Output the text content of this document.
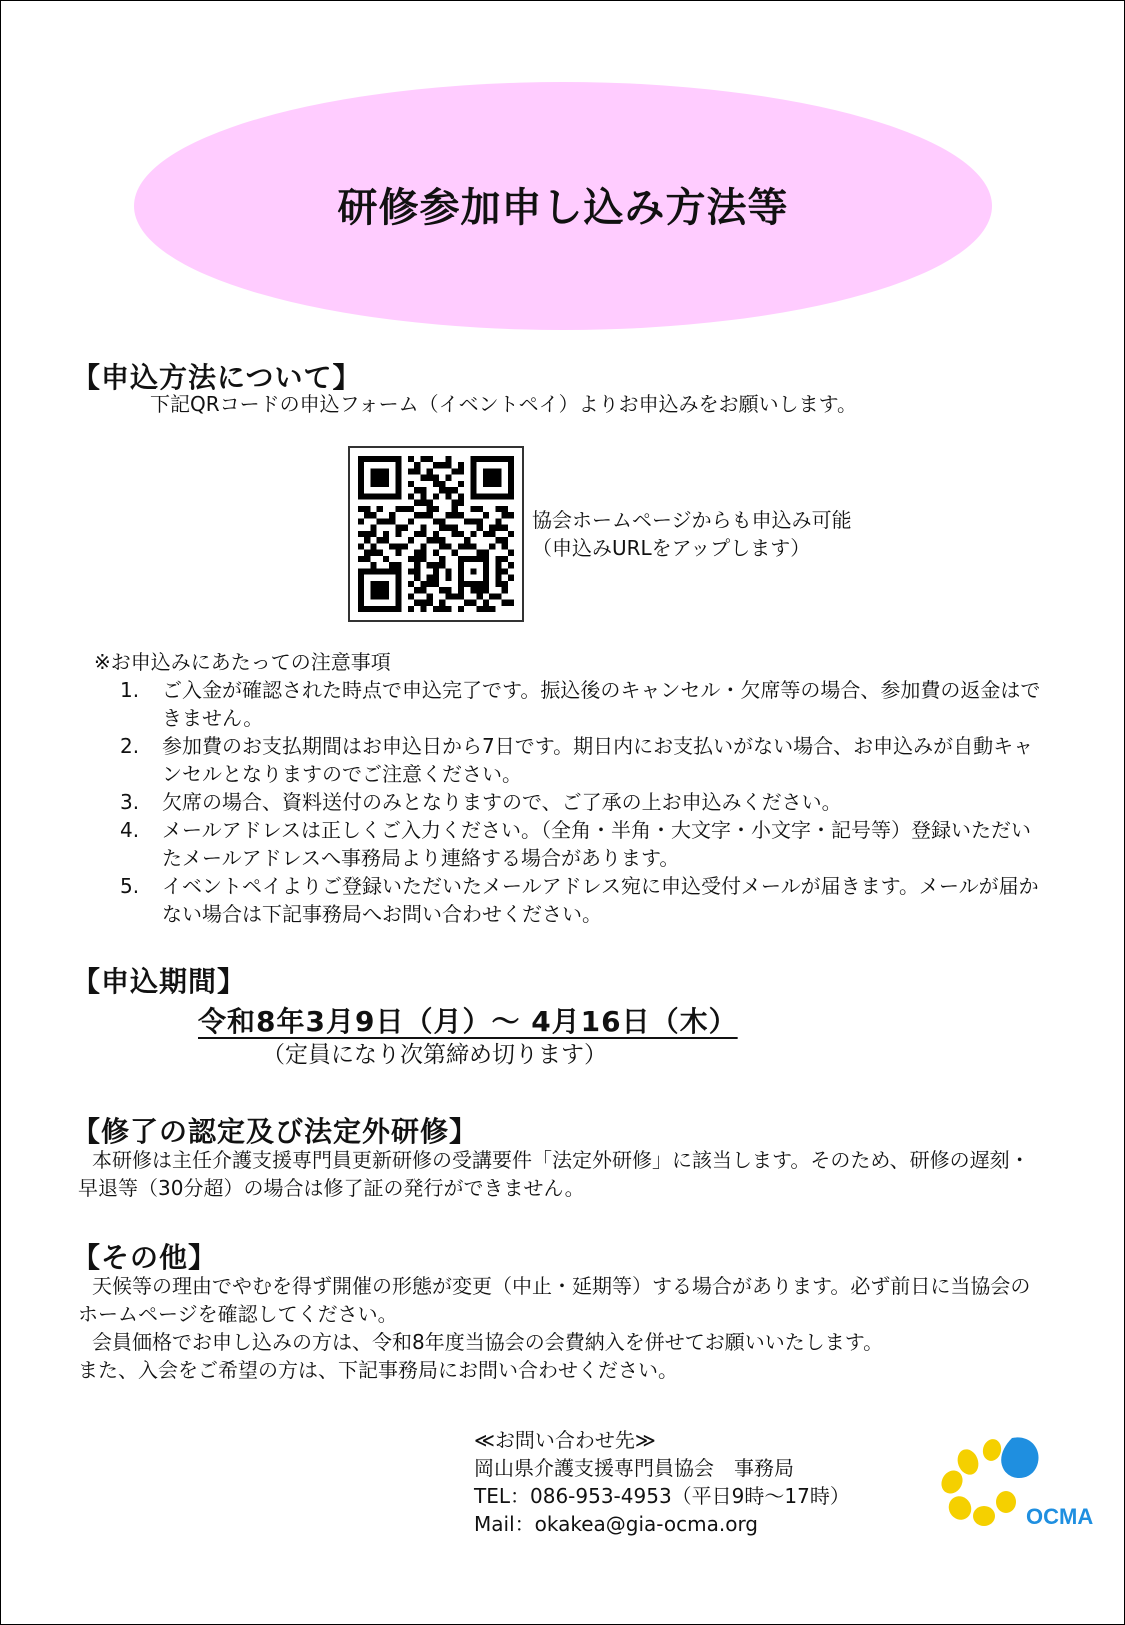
研修参加申し込み方法等
【申込方法について】
下記QRコードの申込フォーム（イベントペイ）よりお申込みをお願いします。
協会ホームページからも申込み可能
（申込みURLをアップします）
※お申込みにあたっての注意事項
1. ご入金が確認された時点で申込完了です。振込後のキャンセル・欠席等の場合、参加費の返金はできません。
2. 参加費のお支払期間はお申込日から7日です。期日内にお支払いがない場合、お申込みが自動キャンセルとなりますのでご注意ください。
3. 欠席の場合、資料送付のみとなりますので、ご了承の上お申込みください。
4. メールアドレスは正しくご入力ください。（全角・半角・大文字・小文字・記号等）登録いただいたメールアドレスへ事務局より連絡する場合があります。
5. イベントペイよりご登録いただいたメールアドレス宛に申込受付メールが届きます。メールが届かない場合は下記事務局へお問い合わせください。
【申込期間】
令和8年3月9日（月）～ 4月16日（木）
（定員になり次第締め切ります）
【修了の認定及び法定外研修】
本研修は主任介護支援専門員更新研修の受講要件「法定外研修」に該当します。そのため、研修の遅刻・早退等（30分超）の場合は修了証の発行ができません。
【その他】
天候等の理由でやむを得ず開催の形態が変更（中止・延期等）する場合があります。必ず前日に当協会のホームページを確認してください。
会員価格でお申し込みの方は、令和8年度当協会の会費納入を併せてお願いいたします。
また、入会をご希望の方は、下記事務局にお問い合わせください。
≪お問い合わせ先≫
岡山県介護支援専門員協会　事務局
TEL：086-953-4953（平日9時～17時）
Mail：okakea@gia-ocma.org	OCMA
